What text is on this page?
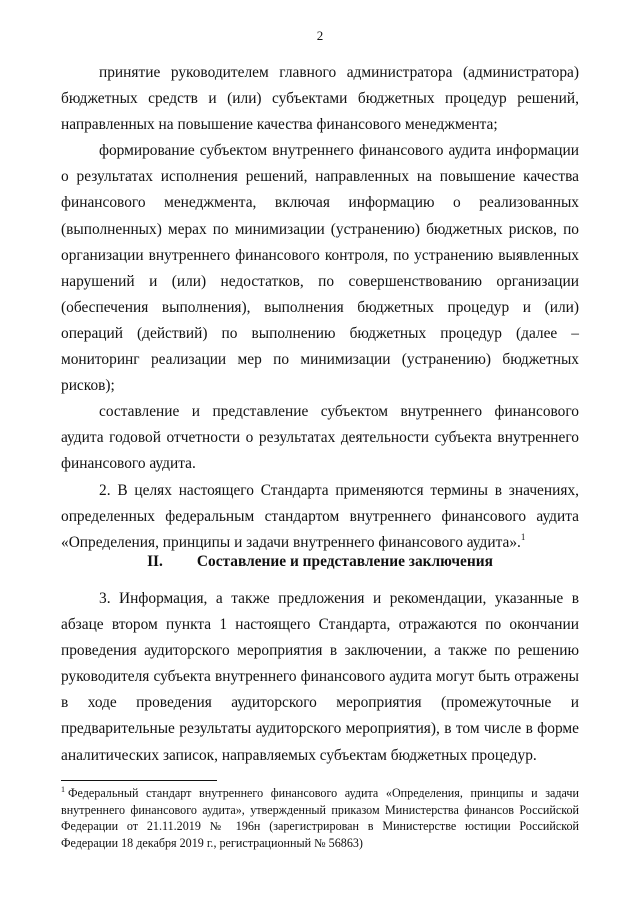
2

принятие руководителем главного администратора (администратора) бюджетных средств и (или) субъектами бюджетных процедур решений, направленных на повышение качества финансового менеджмента;

формирование субъектом внутреннего финансового аудита информации о результатах исполнения решений, направленных на повышение качества финансового менеджмента, включая информацию о реализованных (выполненных) мерах по минимизации (устранению) бюджетных рисков, по организации внутреннего финансового контроля, по устранению выявленных нарушений и (или) недостатков, по совершенствованию организации (обеспечения выполнения), выполнения бюджетных процедур и (или) операций (действий) по выполнению бюджетных процедур (далее – мониторинг реализации мер по минимизации (устранению) бюджетных рисков);

составление и представление субъектом внутреннего финансового аудита годовой отчетности о результатах деятельности субъекта внутреннего финансового аудита.

2. В целях настоящего Стандарта применяются термины в значениях, определенных федеральным стандартом внутреннего финансового аудита «Определения, принципы и задачи внутреннего финансового аудита».$^1$

II. Составление и представление заключения

3. Информация, а также предложения и рекомендации, указанные в абзаце втором пункта 1 настоящего Стандарта, отражаются по окончании проведения аудиторского мероприятия в заключении, а также по решению руководителя субъекта внутреннего финансового аудита могут быть отражены в ходе проведения аудиторского мероприятия (промежуточные и предварительные результаты аудиторского мероприятия), в том числе в форме аналитических записок, направляемых субъектам бюджетных процедур.

$^1$ Федеральный стандарт внутреннего финансового аудита «Определения, принципы и задачи внутреннего финансового аудита», утвержденный приказом Министерства финансов Российской Федерации от 21.11.2019 № 196н (зарегистрирован в Министерстве юстиции Российской Федерации 18 декабря 2019 г., регистрационный № 56863)
